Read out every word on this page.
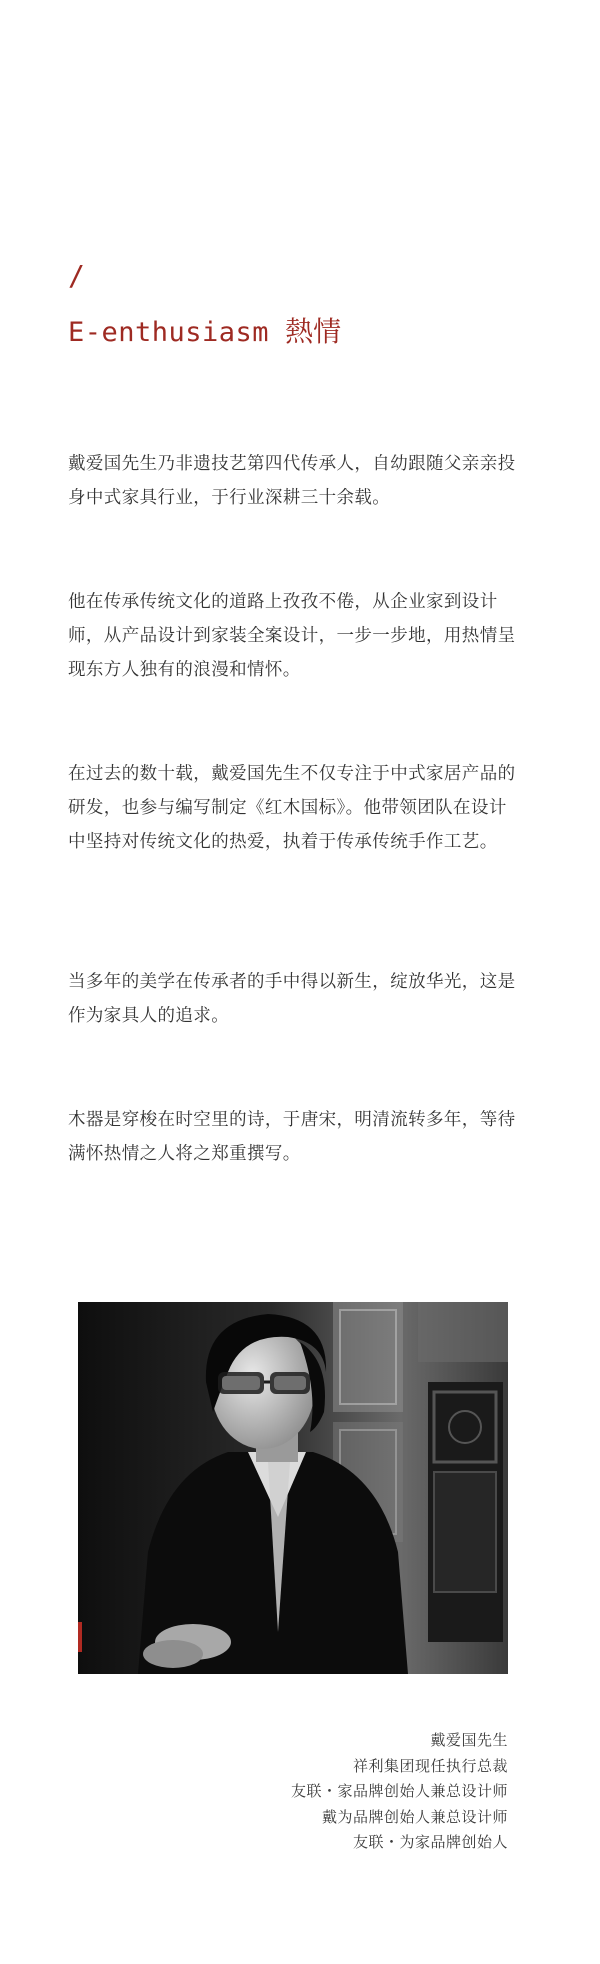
/
E-enthusiasm 熱情

戴爱国先生乃非遗技艺第四代传承人，自幼跟随父亲亲投身中式家具行业，于行业深耕三十余载。

他在传承传统文化的道路上孜孜不倦，从企业家到设计师，从产品设计到家装全案设计，一步一步地，用热情呈现东方人独有的浪漫和情怀。

在过去的数十载，戴爱国先生不仅专注于中式家居产品的研发，也参与编写制定《红木国标》。他带领团队在设计中坚持对传统文化的热爱，执着于传承传统手作工艺。

当多年的美学在传承者的手中得以新生，绽放华光，这是作为家具人的追求。

木器是穿梭在时空里的诗，于唐宋，明清流转多年，等待满怀热情之人将之郑重撰写。

戴爱国先生
祥利集团现任执行总裁
友联・家品牌创始人兼总设计师
戴为品牌创始人兼总设计师
友联・为家品牌创始人
